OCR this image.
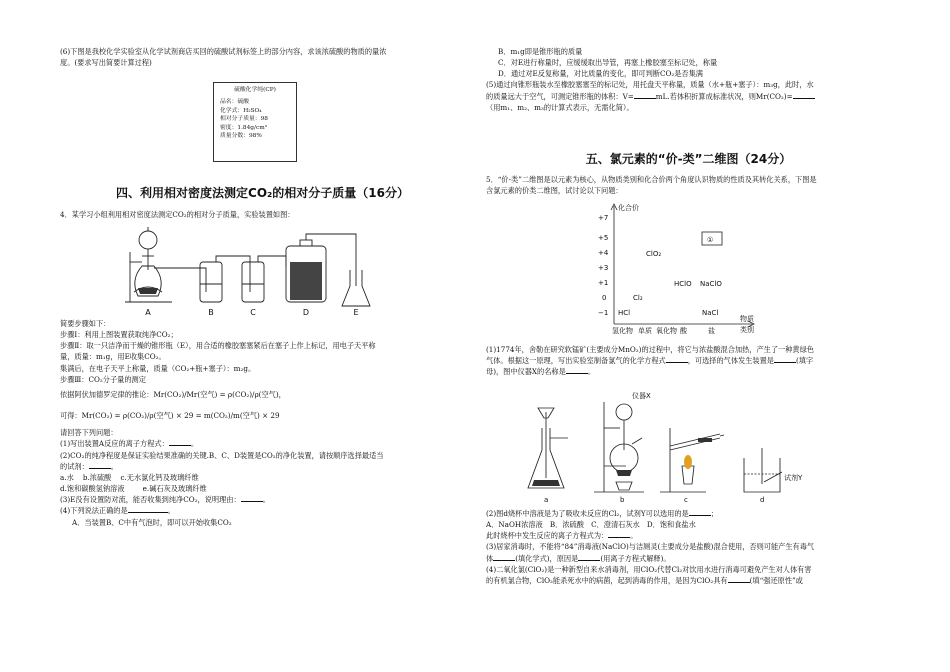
(6)下图是我校化学实验室从化学试剂商店买回的硫酸试剂标签上的部分内容，求该浓硫酸的物质的量浓

度。(要求写出简要计算过程)

硫酸化学纯(CP)
品名：硫酸
化学式：H₂SO₄
相对分子质量：98
密度：1.84g/cm³
质量分数：98%
四、利用相对密度法测定CO₂的相对分子质量（16分）

4．某学习小组利用相对密度法测定CO₂的相对分子质量，实验装置如图：

A	B	C	D	E

简要步骤如下：

步骤Ⅰ：利用上图装置获取纯净CO₂；

步骤Ⅱ：取一只洁净而干燥的锥形瓶（E），用合适的橡胶塞塞紧后在塞子上作上标记，用电子天平称

量，质量：m₁g，用E收集CO₂。

集满后，在电子天平上称量，质量（CO₂+瓶+塞子）：m₂g。

步骤Ⅲ：CO₂分子量的测定

依据阿伏加德罗定律的推论：Mr(CO₂)/Mr(空气) = ρ(CO₂)/ρ(空气)，

可得：Mr(CO₂) = ρ(CO₂)/ρ(空气) × 29 = m(CO₂)/m(空气) × 29

请回答下列问题：

(1)写出装置A反应的离子方程式：	。

(2)CO₂的纯净程度是保证实验结果准确的关键.B、C、D装置是CO₂的净化装置，请按顺序选择最适当

的试剂：	。

a.水 b.浓硫酸 c.无水氯化钙及玻璃纤维

d.饱和碳酸氢钠溶液	e.碱石灰及玻璃纤维

(3)E没有设置防对流，能否收集到纯净CO₂，说明理由：	。

(4)下列说法正确的是	。

A．当装置B、C中有气泡时，即可以开始收集CO₂

B．m₁g即是锥形瓶的质量

C．对E进行称量时，应缓缓取出导管，再塞上橡胶塞至标记处，称量

D．通过对E反复称量，对比质量的变化，即可判断CO₂是否集满

(5)通过向锥形瓶装水至橡胶塞塞至的标记处，用托盘天平称量，质量（水+瓶+塞子）：m₃g，此时，水

的质量远大于空气，可测定锥形瓶的体积：V=	mL.若体积折算成标准状况，则Mr(CO₂)=

（用m₁、m₂、m₃的计算式表示，无需化简）。

五、氯元素的“价-类”二维图（24分）

5．“价-类”二维图是以元素为核心，从物质类别和化合价两个角度认识物质的性质及其转化关系，下图是

含氯元素的价类二维图，试讨论以下问题：

化合价
+7
+5
+4
+3
+1
0
−1
①
ClO₂
HClO NaClO
Cl₂
HCl	NaCl
氢化物 单质 氧化物 酸	盐
物质
类别

(1)1774年，舍勒在研究软锰矿(主要成分MnO₂)的过程中，将它与浓盐酸混合加热，产生了一种黄绿色

气体。根据这一原理，写出实验室制备氯气的化学方程式	，可选择的气体发生装置是	(填字

母)，图中仪器X的名称是	。

仪器X
试剂Y
a	b	c	d

(2)图d烧杯中溶液是为了吸收未反应的Cl₂，试剂Y可以选用的是	；

A．NaOH浓溶液　B．浓硫酸　C．澄清石灰水　D．饱和食盐水

此时烧杯中发生反应的离子方程式为：	。

(3)居家消毒时，不能将“84”消毒液(NaClO)与洁厕灵(主要成分是盐酸)混合使用，否则可能产生有毒气

体	(填化学式)，原因是	(用离子方程式解释)。

(4)二氧化氯(ClO₂)是一种新型自来水消毒剂，用ClO₂代替Cl₂对饮用水进行消毒可避免产生对人体有害

的有机氯合物，ClO₂能杀死水中的病菌，起到消毒的作用，是因为ClO₂具有	(填“强还原性”或
